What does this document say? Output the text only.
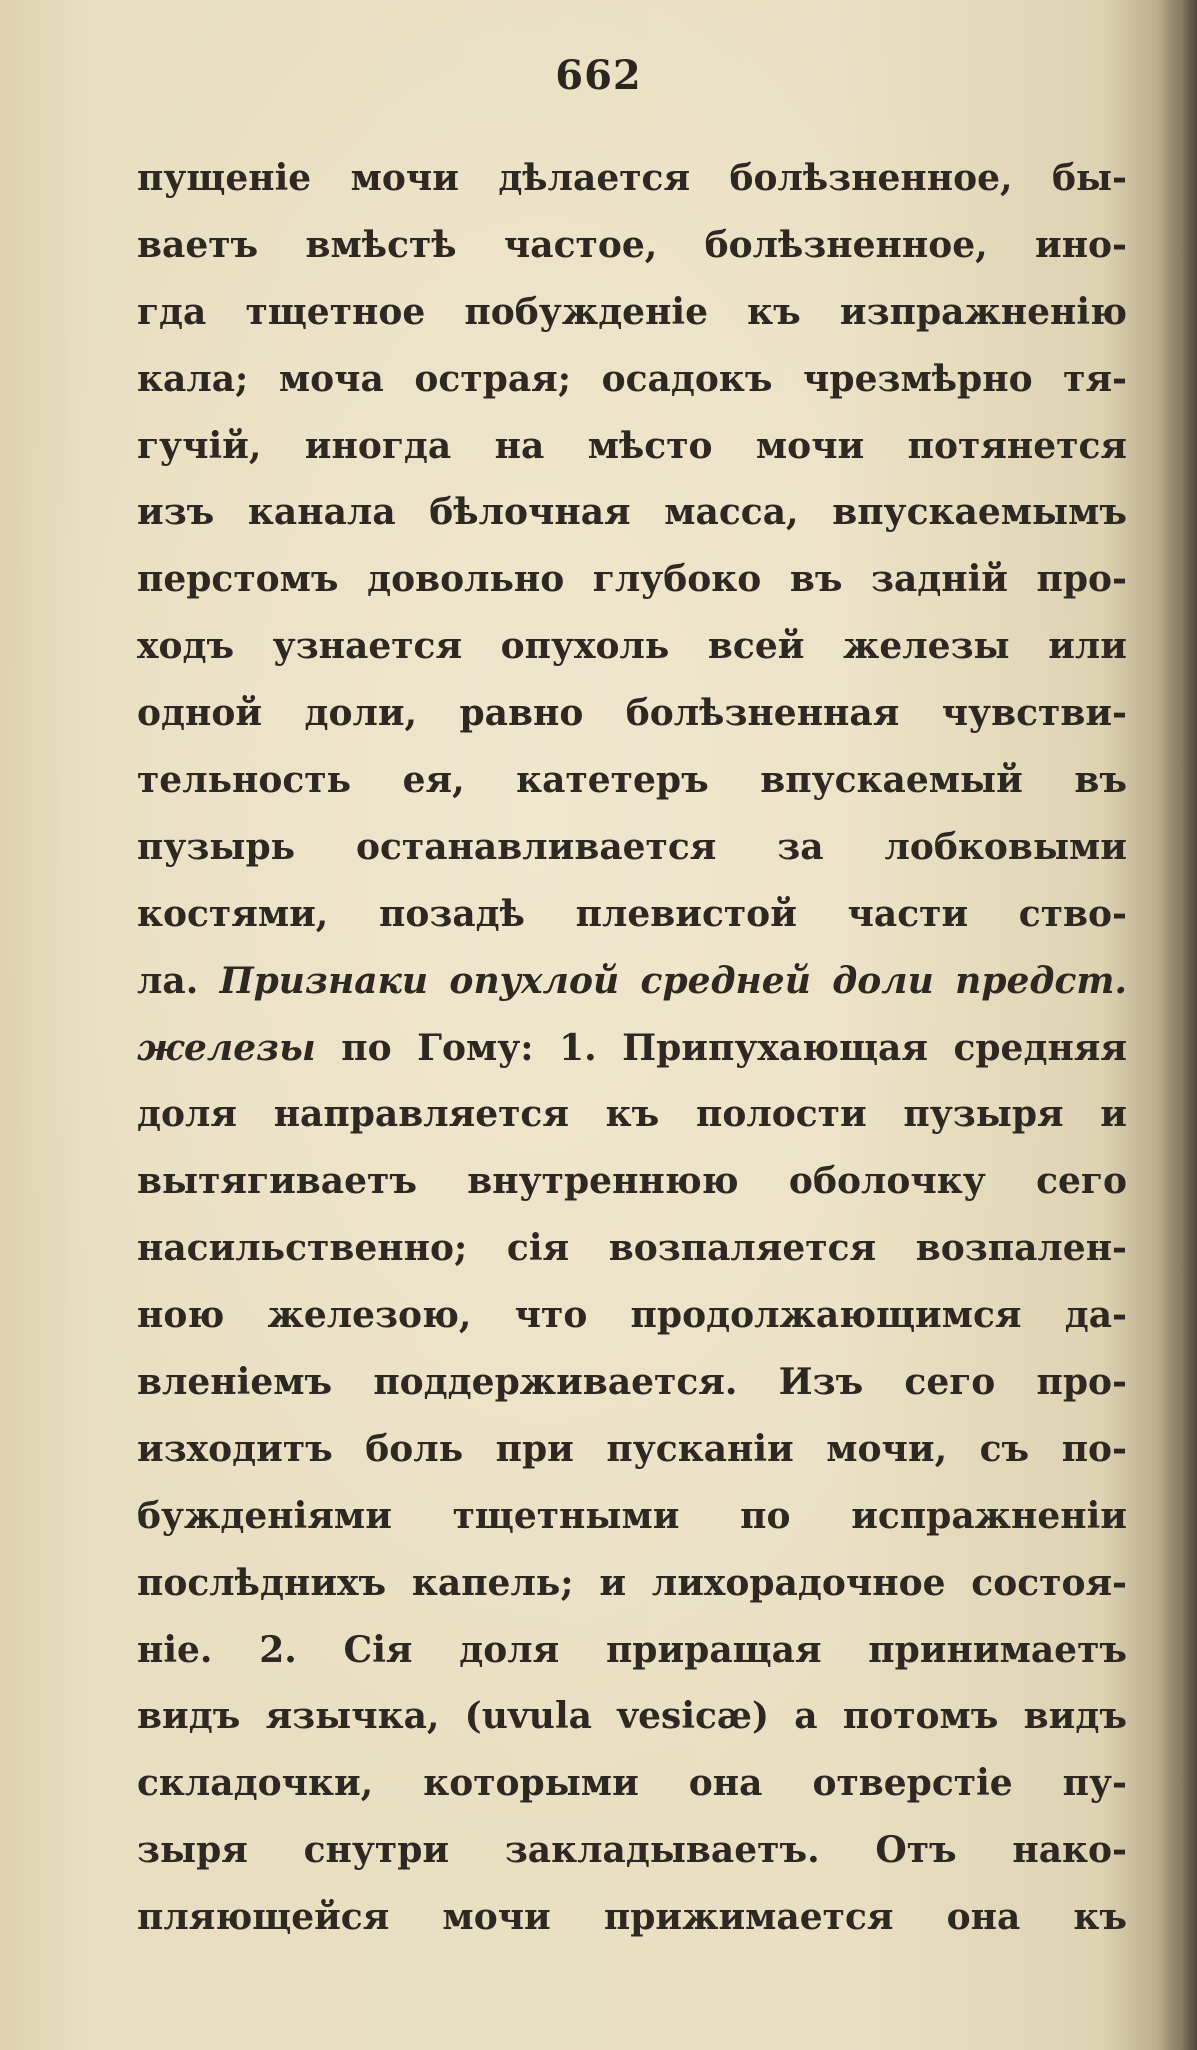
662
пущенiе мочи дѣлается болѣзненное, бы-
ваетъ вмѣстѣ частое, болѣзненное, ино-
гда тщетное побужденiе къ изпражненiю
кала; моча острая; осадокъ чрезмѣрно тя-
гучiй, иногда на мѣсто мочи потянется
изъ канала бѣлочная масса, впускаемымъ
перстомъ довольно глубоко въ заднiй про-
ходъ узнается опухоль всей железы или
одной доли, равно болѣзненная чувстви-
тельность ея, катетеръ впускаемый въ
пузырь останавливается за лобковыми
костями, позадѣ плевистой части ство-
ла. Признаки опухлой средней доли предст.
железы по Гому: 1. Припухающая средняя
доля направляется къ полости пузыря и
вытягиваетъ внутреннюю оболочку сего
насильственно; сiя возпаляется возпален-
ною железою, что продолжающимся да-
вленiемъ поддерживается. Изъ сего про-
изходитъ боль при пусканiи мочи, съ по-
бужденiями тщетными по испражненiи
послѣднихъ капель; и лихорадочное состоя-
нiе. 2. Сiя доля приращая принимаетъ
видъ язычка, (uvula vesicæ) а потомъ видъ
складочки, которыми она отверстiе пу-
зыря снутри закладываетъ. Отъ нако-
пляющейся мочи прижимается она къ
